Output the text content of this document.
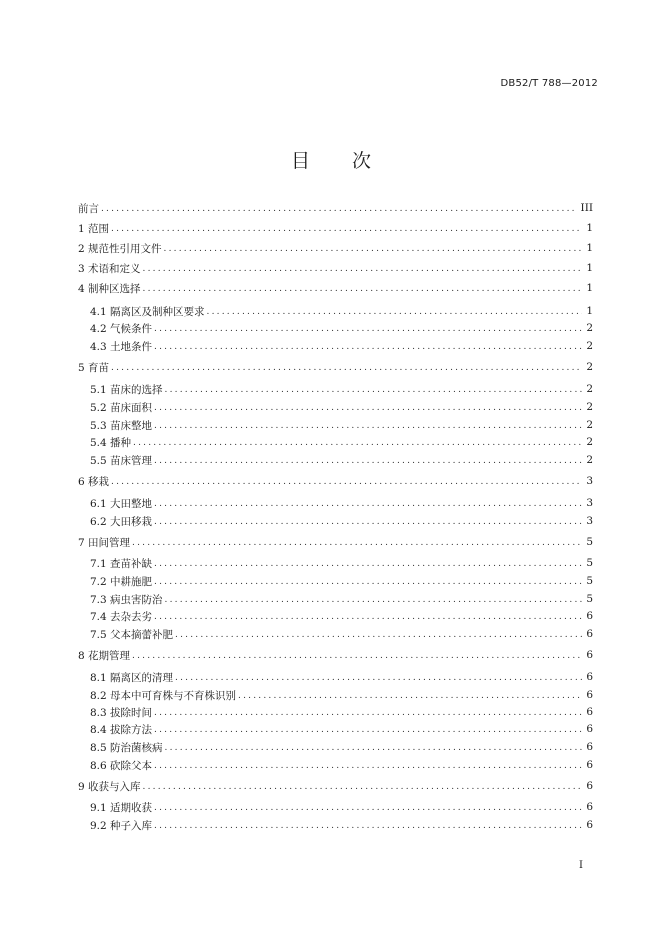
DB52/T 788—2012
目 次
前言 .....	III
1 范围 .....	1
2 规范性引用文件 .....	1
3 术语和定义 .....	1
4 制种区选择 .....	1
4.1 隔离区及制种区要求 .....	1
4.2 气候条件 .....	2
4.3 土地条件 .....	2
5 育苗 .....	2
5.1 苗床的选择 .....	2
5.2 苗床面积 .....	2
5.3 苗床整地 .....	2
5.4 播种 .....	2
5.5 苗床管理 .....	2
6 移栽 .....	3
6.1 大田整地 .....	3
6.2 大田移栽 .....	3
7 田间管理 .....	5
7.1 查苗补缺 .....	5
7.2 中耕施肥 .....	5
7.3 病虫害防治 .....	5
7.4 去杂去劣 .....	6
7.5 父本摘蕾补肥 .....	6
8 花期管理 .....	6
8.1 隔离区的清理 .....	6
8.2 母本中可育株与不育株识别 .....	6
8.3 拔除时间 .....	6
8.4 拔除方法 .....	6
8.5 防治菌核病 .....	6
8.6 砍除父本 .....	6
9 收获与入库 .....	6
9.1 适期收获 .....	6
9.2 种子入库 .....	6
I
